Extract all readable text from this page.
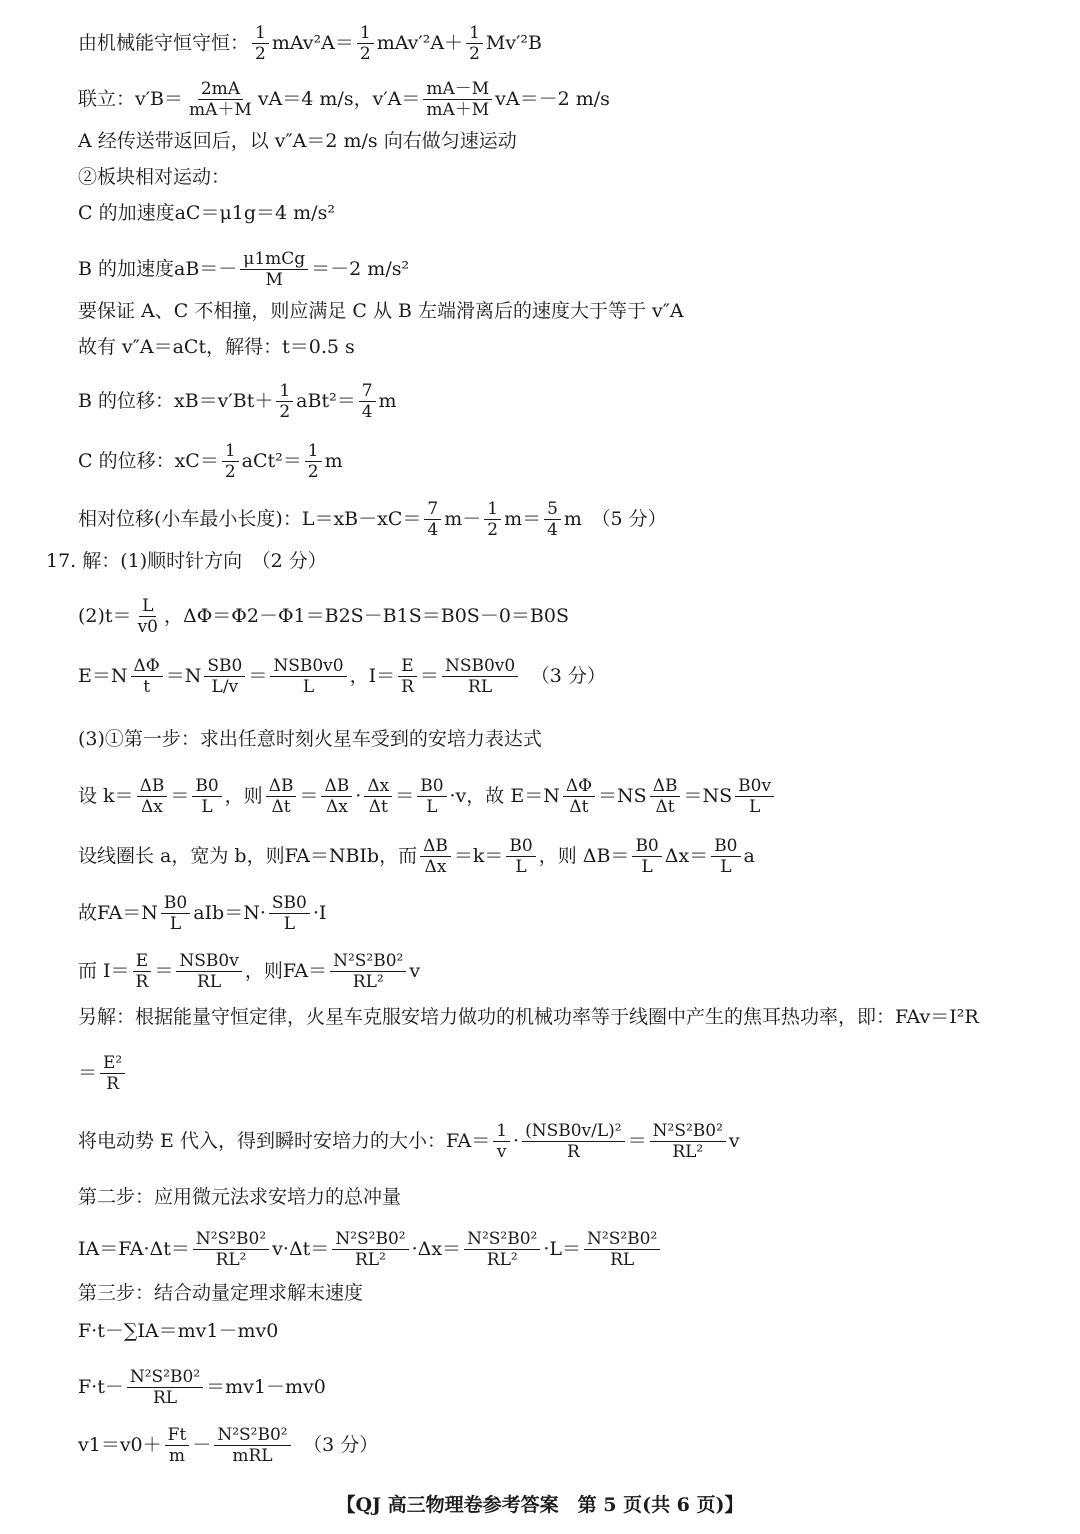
由机械能守恒守恒： $\frac{1}{2} mAv^2A= \frac{1}{2} mAv'^2A+ \frac{1}{2} Mv'^2B$
联立：$v'B= \frac{2mA}{mA+M} vA=4$ m/s，$v'A= \frac{mA-M}{mA+M} vA=-2$ m/s
A 经传送带返回后，以 v″A＝2 m/s 向右做匀速运动
②板块相对运动：
C 的加速度aC＝μ1g＝4 m/s²
B 的加速度$aB=- \frac{\text{μ1mCg}}{M} =-2$ m/s²
要保证 A、C 不相撞，则应满足 C 从 B 左端滑离后的速度大于等于 v″A
故有 v″A＝aCt，解得：t＝0.5 s
B 的位移：$xB=v'Bt+ \frac{1}{2} aBt^2= \frac{7}{4}$ m
C 的位移：$xC= \frac{1}{2} aCt^2= \frac{1}{2}$ m
相对位移(小车最小长度)：$L=xB-xC= \frac{7}{4} m- \frac{1}{2} m= \frac{5}{4}$ m　（5 分）
17. 解：(1)顺时针方向　（2 分）
$(2)t= \frac{L}{v0}$ ，ΔΦ＝Φ2－Φ1＝B2S－B1S＝B0S－0＝B0S
$E=N \frac{\Delta\Phi}{t} =N \frac{SB0}{L/v} = \frac{\text{NSB0v0}}{L}$ ，$I= \frac{E}{R} = \frac{\text{NSB0v0}}{RL}$ 　（3 分）
(3)①第一步：求出任意时刻火星车受到的安培力表达式
设 $k= \frac{\Delta B}{\Delta x} = \frac{B0}{L}$ ，则 $\frac{\Delta B}{\Delta t} = \frac{\Delta B}{\Delta x} \cdot \frac{\Delta x}{\Delta t} = \frac{B0}{L} \cdot v$，故 $E=N \frac{\Delta\Phi}{\Delta t} =NS \frac{\Delta B}{\Delta t} =NS \frac{B0v}{L}$
设线圈长 a，宽为 b，则FA＝NBIb，而 $\frac{\Delta B}{\Delta x} =k= \frac{B0}{L}$ ，则 $\Delta B= \frac{B0}{L} \Delta x= \frac{B0}{L}$ a
故$FA=N \frac{B0}{L} aIb=N\cdot \frac{SB0}{L} \cdot I$
而 $I= \frac{E}{R} = \frac{\text{NSB0v}}{RL}$ ，则$FA= \frac{\text{N²S²B0²}}{\text{RL²}}$ v
另解：根据能量守恒定律，火星车克服安培力做功的机械功率等于线圈中产生的焦耳热功率，即：FAv＝I²R
＝ $\frac{\text{E²}}{R}$
将电动势 E 代入，得到瞬时安培力的大小：$FA= \frac{1}{v} \cdot \frac{\text{(NSB0v/L)²}}{R} = \frac{\text{N²S²B0²}}{\text{RL²}}$ v
第二步：应用微元法求安培力的总冲量
$IA=FA\cdot\Delta t= \frac{\text{N²S²B0²}}{\text{RL²}} v\cdot\Delta t= \frac{\text{N²S²B0²}}{\text{RL²}} \cdot\Delta x= \frac{\text{N²S²B0²}}{\text{RL²}} \cdot L= \frac{\text{N²S²B0²}}{RL}$
第三步：结合动量定理求解末速度
F·t－∑IA＝mv1－mv0
$F\cdot t- \frac{\text{N²S²B0²}}{RL} =mv1-mv0$
$v1=v0+ \frac{Ft}{m} - \frac{\text{N²S²B0²}}{\text{mRL}}$ 　（3 分）
【QJ 高三物理卷参考答案　第 5 页(共 6 页)】
